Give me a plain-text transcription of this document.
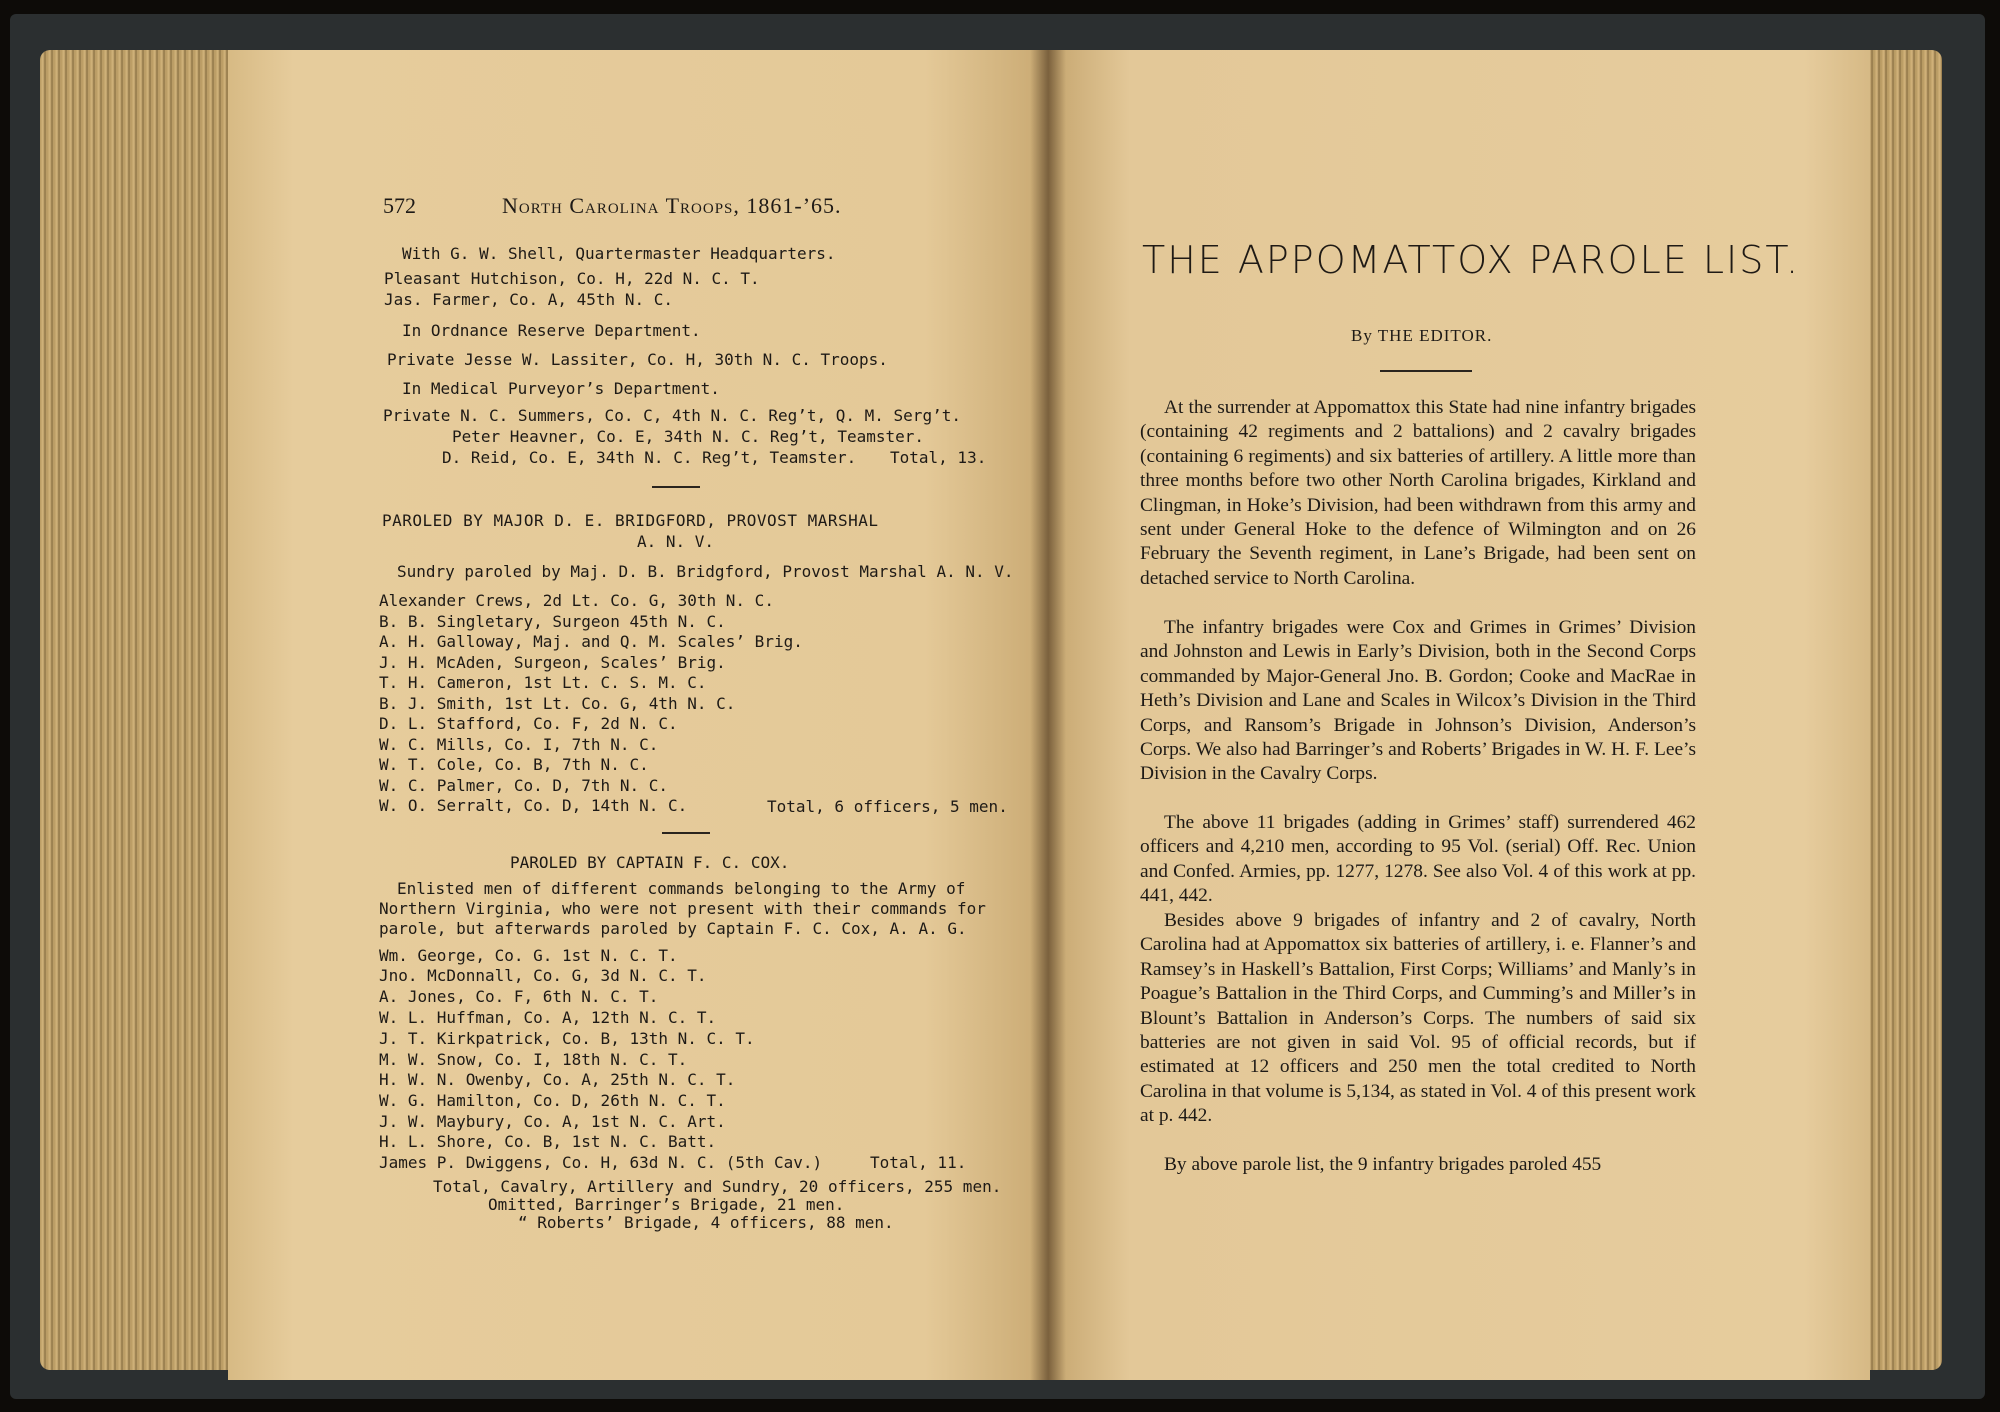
572	North Carolina Troops, 1861-’65.
With G. W. Shell, Quartermaster Headquarters.
Pleasant Hutchison, Co. H, 22d N. C. T.
Jas. Farmer, Co. A, 45th N. C.
In Ordnance Reserve Department.
Private Jesse W. Lassiter, Co. H, 30th N. C. Troops.
In Medical Purveyor’s Department.
Private N. C. Summers, Co. C, 4th N. C. Reg’t, Q. M. Serg’t.
Peter Heavner, Co. E, 34th N. C. Reg’t, Teamster.
D. Reid, Co. E, 34th N. C. Reg’t, Teamster. Total, 13.
PAROLED BY MAJOR D. E. BRIDGFORD, PROVOST MARSHAL
A. N. V.
Sundry paroled by Maj. D. B. Bridgford, Provost Marshal A. N. V.
Alexander Crews, 2d Lt. Co. G, 30th N. C.
B. B. Singletary, Surgeon 45th N. C.
A. H. Galloway, Maj. and Q. M. Scales’ Brig.
J. H. McAden, Surgeon, Scales’ Brig.
T. H. Cameron, 1st Lt. C. S. M. C.
B. J. Smith, 1st Lt. Co. G, 4th N. C.
D. L. Stafford, Co. F, 2d N. C.
W. C. Mills, Co. I, 7th N. C.
W. T. Cole, Co. B, 7th N. C.
W. C. Palmer, Co. D, 7th N. C.
W. O. Serralt, Co. D, 14th N. C.	Total, 6 officers, 5 men.
PAROLED BY CAPTAIN F. C. COX.
Enlisted men of different commands belonging to the Army of
Northern Virginia, who were not present with their commands for
parole, but afterwards paroled by Captain F. C. Cox, A. A. G.
Wm. George, Co. G. 1st N. C. T.
Jno. McDonnall, Co. G, 3d N. C. T.
A. Jones, Co. F, 6th N. C. T.
W. L. Huffman, Co. A, 12th N. C. T.
J. T. Kirkpatrick, Co. B, 13th N. C. T.
M. W. Snow, Co. I, 18th N. C. T.
H. W. N. Owenby, Co. A, 25th N. C. T.
W. G. Hamilton, Co. D, 26th N. C. T.
J. W. Maybury, Co. A, 1st N. C. Art.
H. L. Shore, Co. B, 1st N. C. Batt.
James P. Dwiggens, Co. H, 63d N. C. (5th Cav.)	Total, 11.
Total, Cavalry, Artillery and Sundry, 20 officers, 255 men.
Omitted, Barringer’s Brigade, 21 men.
“ Roberts’ Brigade, 4 officers, 88 men.
THE APPOMATTOX PAROLE LIST.
By THE EDITOR.
At the surrender at Appomattox this State had nine infantry brigades (containing 42 regiments and 2 battalions) and 2 cavalry brigades (containing 6 regiments) and six batteries of artillery. A little more than three months before two other North Carolina brigades, Kirkland and Clingman, in Hoke’s Division, had been withdrawn from this army and sent under General Hoke to the defence of Wilmington and on 26 February the Seventh regiment, in Lane’s Brigade, had been sent on detached service to North Carolina.
The infantry brigades were Cox and Grimes in Grimes’ Division and Johnston and Lewis in Early’s Division, both in the Second Corps commanded by Major-General Jno. B. Gordon; Cooke and MacRae in Heth’s Division and Lane and Scales in Wilcox’s Division in the Third Corps, and Ransom’s Brigade in Johnson’s Division, Anderson’s Corps. We also had Barringer’s and Roberts’ Brigades in W. H. F. Lee’s Division in the Cavalry Corps.
The above 11 brigades (adding in Grimes’ staff) surrendered 462 officers and 4,210 men, according to 95 Vol. (serial) Off. Rec. Union and Confed. Armies, pp. 1277, 1278. See also Vol. 4 of this work at pp. 441, 442.
Besides above 9 brigades of infantry and 2 of cavalry, North Carolina had at Appomattox six batteries of artillery, i. e. Flanner’s and Ramsey’s in Haskell’s Battalion, First Corps; Williams’ and Manly’s in Poague’s Battalion in the Third Corps, and Cumming’s and Miller’s in Blount’s Battalion in Anderson’s Corps. The numbers of said six batteries are not given in said Vol. 95 of official records, but if estimated at 12 officers and 250 men the total credited to North Carolina in that volume is 5,134, as stated in Vol. 4 of this present work at p. 442.
By above parole list, the 9 infantry brigades paroled 455
